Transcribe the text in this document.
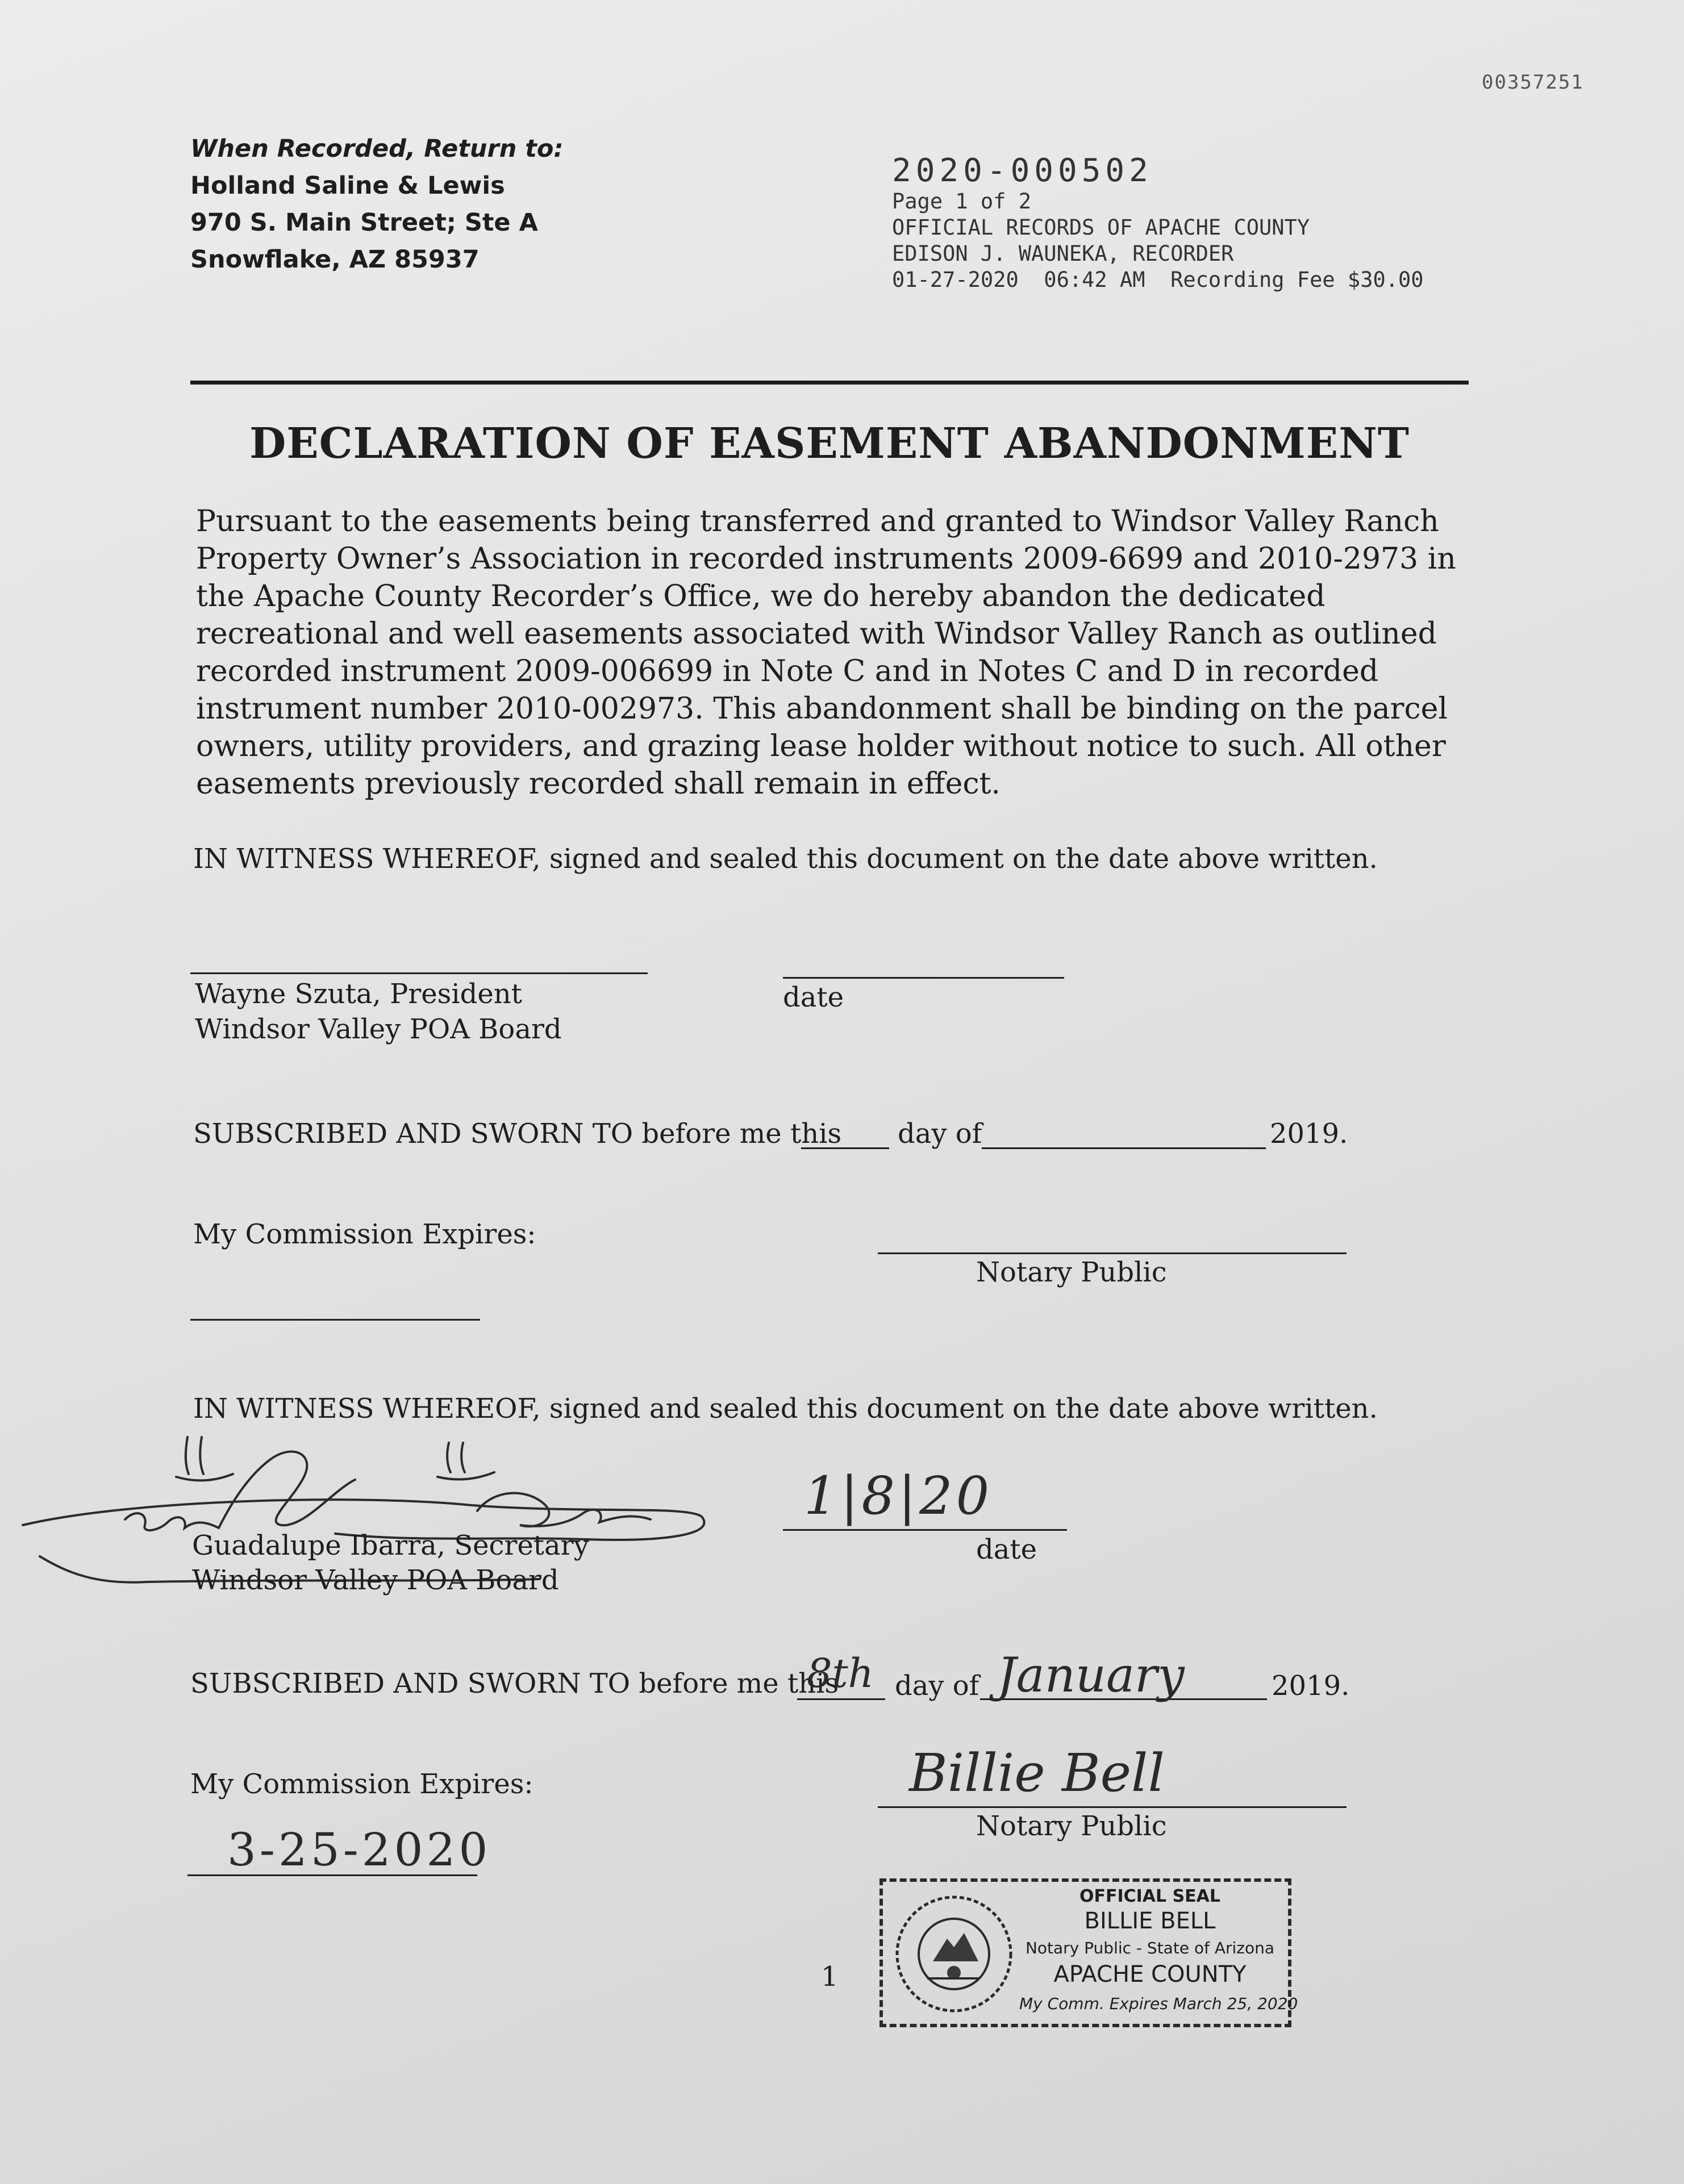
00357251
When Recorded, Return to:
Holland Saline & Lewis
970 S. Main Street; Ste A
Snowflake, AZ 85937
2020-000502
Page 1 of 2
OFFICIAL RECORDS OF APACHE COUNTY
EDISON J. WAUNEKA, RECORDER
01-27-2020  06:42 AM  Recording Fee $30.00
DECLARATION OF EASEMENT ABANDONMENT
Pursuant to the easements being transferred and granted to Windsor Valley Ranch Property Owner’s Association in recorded instruments 2009-6699 and 2010-2973 in the Apache County Recorder’s Office, we do hereby abandon the dedicated recreational and well easements associated with Windsor Valley Ranch as outlined recorded instrument 2009-006699 in Note C and in Notes C and D in recorded instrument number 2010-002973. This abandonment shall be binding on the parcel owners, utility providers, and grazing lease holder without notice to such. All other easements previously recorded shall remain in effect.
IN WITNESS WHEREOF, signed and sealed this document on the date above written.
Wayne Szuta, President
Windsor Valley POA Board
date
SUBSCRIBED AND SWORN TO before me this day of	2019.
My Commission Expires:
Notary Public
IN WITNESS WHEREOF, signed and sealed this document on the date above written.
1|8|20
date
Guadalupe Ibarra, Secretary
Windsor Valley POA Board
SUBSCRIBED AND SWORN TO before me this
8th day of January	2019.
My Commission Expires:	Billie Bell
Notary Public
3-25-2020
OFFICIAL SEAL
BILLIE BELL
Notary Public - State of Arizona
APACHE COUNTY
My Comm. Expires March 25, 2020
1
